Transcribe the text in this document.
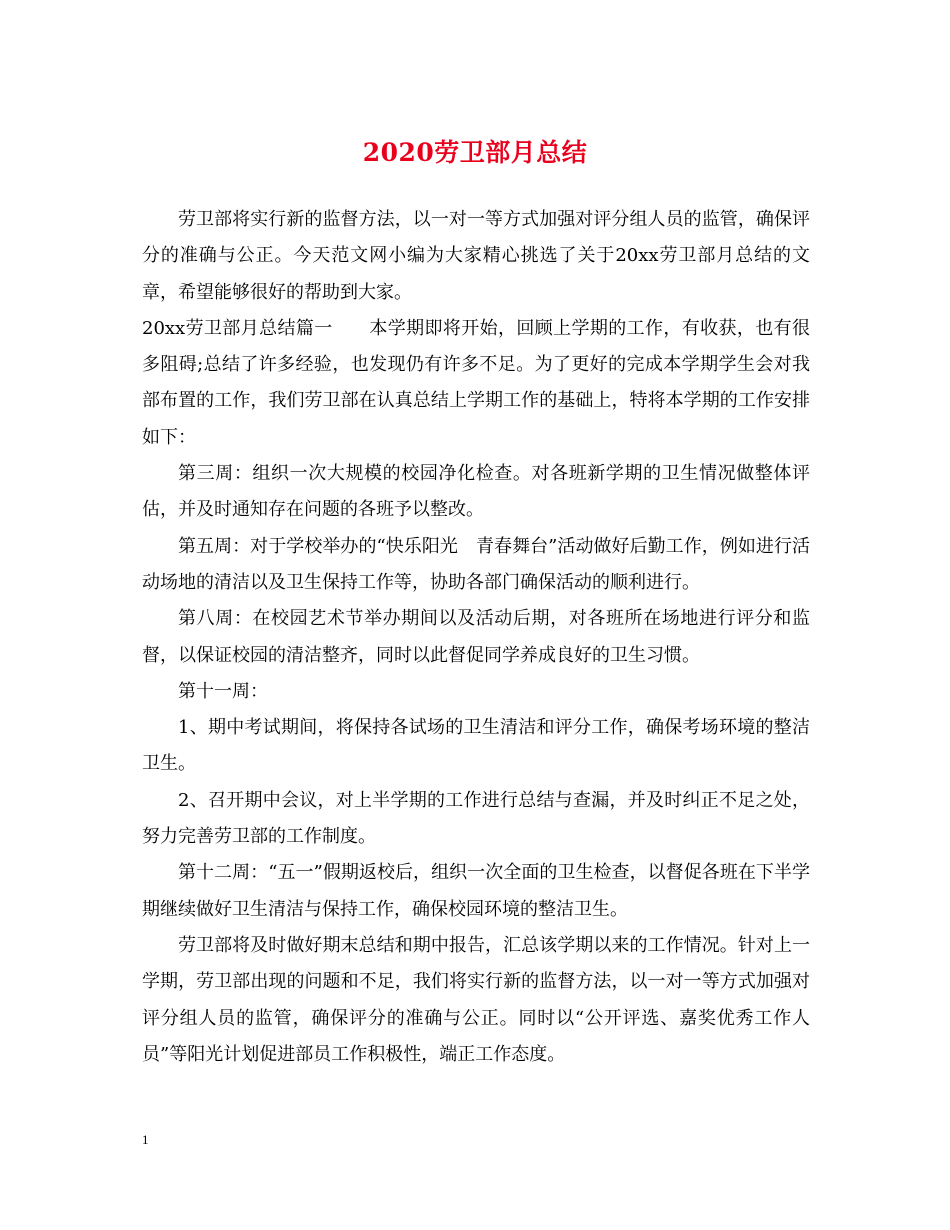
2020劳卫部月总结

劳卫部将实行新的监督方法，以一对一等方式加强对评分组人员的监管，确保评分的准确与公正。今天范文网小编为大家精心挑选了关于20xx劳卫部月总结的文章，希望能够很好的帮助到大家。

20xx劳卫部月总结篇一　　本学期即将开始，回顾上学期的工作，有收获，也有很多阻碍;总结了许多经验，也发现仍有许多不足。为了更好的完成本学期学生会对我部布置的工作，我们劳卫部在认真总结上学期工作的基础上，特将本学期的工作安排如下：

第三周：组织一次大规模的校园净化检查。对各班新学期的卫生情况做整体评估，并及时通知存在问题的各班予以整改。

第五周：对于学校举办的“快乐阳光　青春舞台”活动做好后勤工作，例如进行活动场地的清洁以及卫生保持工作等，协助各部门确保活动的顺利进行。

第八周：在校园艺术节举办期间以及活动后期，对各班所在场地进行评分和监督，以保证校园的清洁整齐，同时以此督促同学养成良好的卫生习惯。

第十一周：

1、期中考试期间，将保持各试场的卫生清洁和评分工作，确保考场环境的整洁卫生。

2、召开期中会议，对上半学期的工作进行总结与查漏，并及时纠正不足之处，努力完善劳卫部的工作制度。

第十二周：“五一”假期返校后，组织一次全面的卫生检查，以督促各班在下半学期继续做好卫生清洁与保持工作，确保校园环境的整洁卫生。

劳卫部将及时做好期末总结和期中报告，汇总该学期以来的工作情况。针对上一学期，劳卫部出现的问题和不足，我们将实行新的监督方法，以一对一等方式加强对评分组人员的监管，确保评分的准确与公正。同时以“公开评选、嘉奖优秀工作人员”等阳光计划促进部员工作积极性，端正工作态度。

1
